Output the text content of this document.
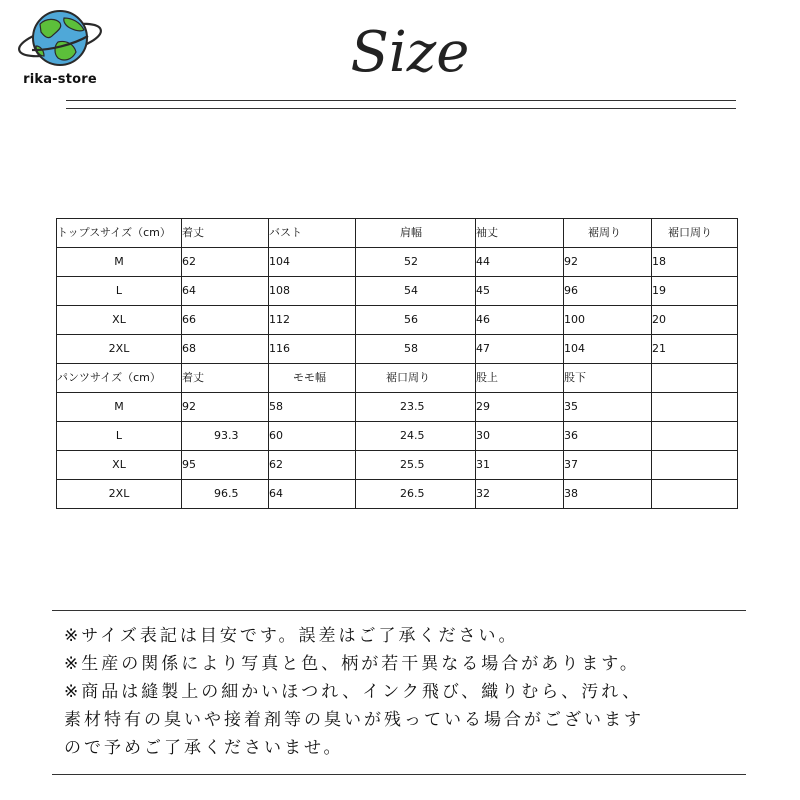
rika-store	Size
トップスサイズ（cm）	着丈	バスト	肩幅	袖丈	裾周り	裾口周り
M	62	104	52	44	92	18
L	64	108	54	45	96	19
XL	66	112	56	46	100	20
2XL	68	116	58	47	104	21
パンツサイズ（cm）	着丈	モモ幅	裾口周り	股上	股下	
M	92	58	23.5	29	35	
L	93.3	60	24.5	30	36	
XL	95	62	25.5	31	37	
2XL	96.5	64	26.5	32	38	
※サイズ表記は目安です。誤差はご了承ください。
※生産の関係により写真と色、柄が若干異なる場合があります。
※商品は縫製上の細かいほつれ、インク飛び、織りむら、汚れ、
素材特有の臭いや接着剤等の臭いが残っている場合がございます
ので予めご了承くださいませ。
